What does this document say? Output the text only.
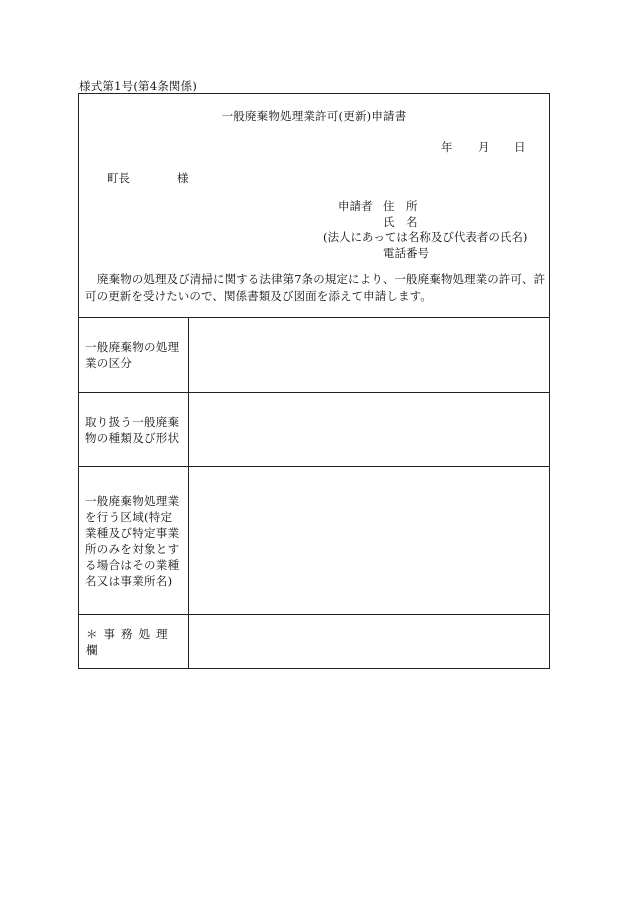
様式第1号(第4条関係)
一般廃棄物処理業許可(更新)申請書
年 月 日
町長	様
申請者 住　所
氏　名
(法人にあっては名称及び代表者の氏名)
電話番号
廃棄物の処理及び清掃に関する法律第7条の規定により、一般廃棄物処理業の許可、許可の更新を受けたいので、関係書類及び図面を添えて申請します。
一般廃棄物の処理業の区分
取り扱う一般廃棄物の種類及び形状
一般廃棄物処理業を行う区域(特定業種及び特定事業所のみを対象とする場合はその業種名又は事業所名)
＊事務処理欄
